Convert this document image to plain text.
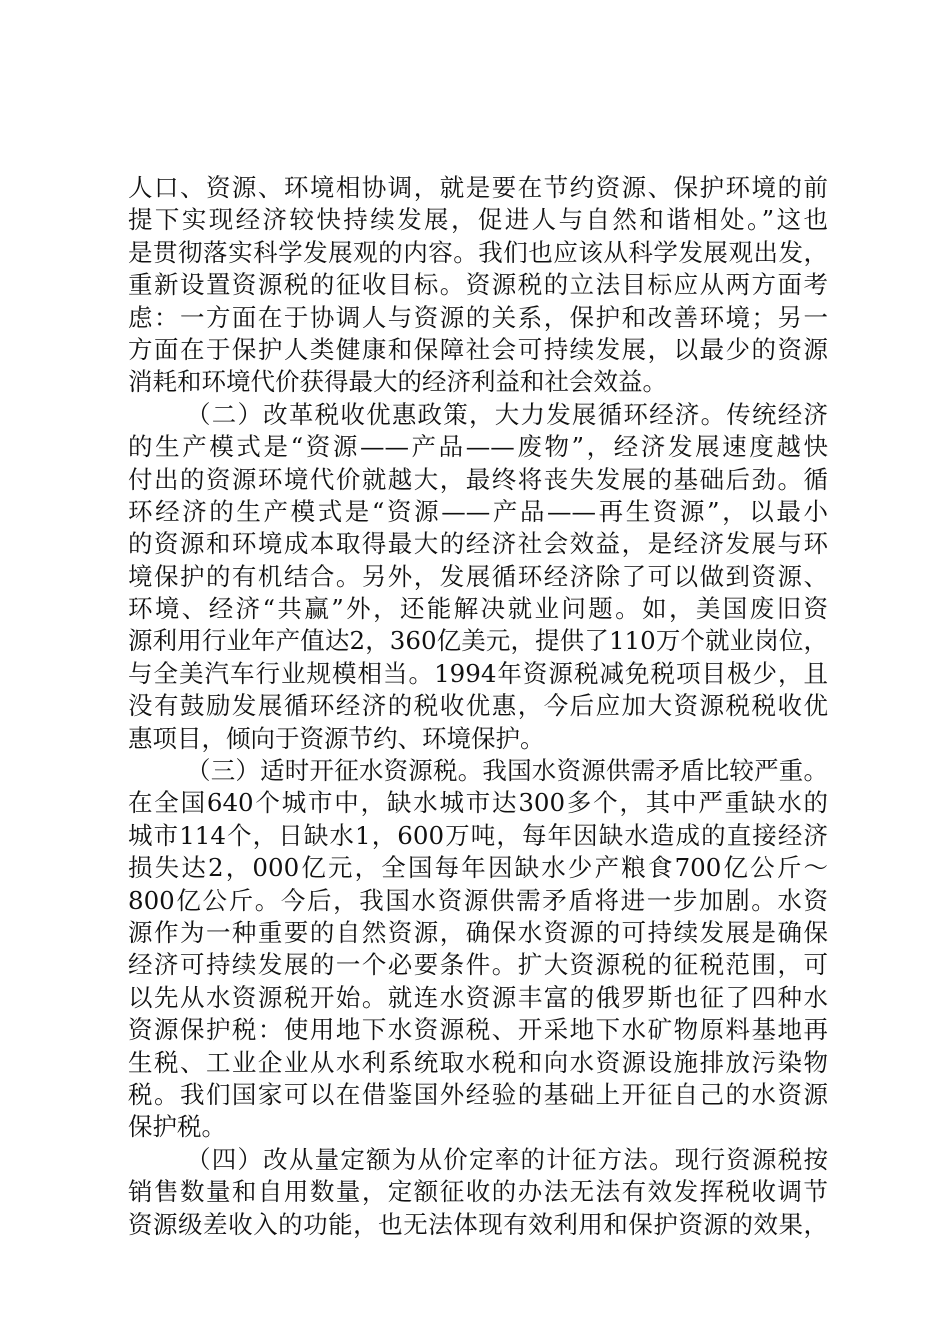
人口、资源、环境相协调，就是要在节约资源、保护环境的前
提下实现经济较快持续发展，促进人与自然和谐相处。”这也
是贯彻落实科学发展观的内容。我们也应该从科学发展观出发，
重新设置资源税的征收目标。资源税的立法目标应从两方面考
虑：一方面在于协调人与资源的关系，保护和改善环境；另一
方面在于保护人类健康和保障社会可持续发展，以最少的资源
消耗和环境代价获得最大的经济利益和社会效益。
（二）改革税收优惠政策，大力发展循环经济。传统经济
的生产模式是“资源——产品——废物”，经济发展速度越快
付出的资源环境代价就越大，最终将丧失发展的基础后劲。循
环经济的生产模式是“资源——产品——再生资源”，以最小
的资源和环境成本取得最大的经济社会效益，是经济发展与环
境保护的有机结合。另外，发展循环经济除了可以做到资源、
环境、经济“共赢”外，还能解决就业问题。如，美国废旧资
源利用行业年产值达2，360亿美元，提供了110万个就业岗位，
与全美汽车行业规模相当。1994年资源税减免税项目极少，且
没有鼓励发展循环经济的税收优惠，今后应加大资源税税收优
惠项目，倾向于资源节约、环境保护。
（三）适时开征水资源税。我国水资源供需矛盾比较严重。
在全国640个城市中，缺水城市达300多个，其中严重缺水的
城市114个，日缺水1，600万吨，每年因缺水造成的直接经济
损失达2，000亿元，全国每年因缺水少产粮食700亿公斤～
800亿公斤。今后，我国水资源供需矛盾将进一步加剧。水资
源作为一种重要的自然资源，确保水资源的可持续发展是确保
经济可持续发展的一个必要条件。扩大资源税的征税范围，可
以先从水资源税开始。就连水资源丰富的俄罗斯也征了四种水
资源保护税：使用地下水资源税、开采地下水矿物原料基地再
生税、工业企业从水利系统取水税和向水资源设施排放污染物
税。我们国家可以在借鉴国外经验的基础上开征自己的水资源
保护税。
（四）改从量定额为从价定率的计征方法。现行资源税按
销售数量和自用数量，定额征收的办法无法有效发挥税收调节
资源级差收入的功能，也无法体现有效利用和保护资源的效果，
